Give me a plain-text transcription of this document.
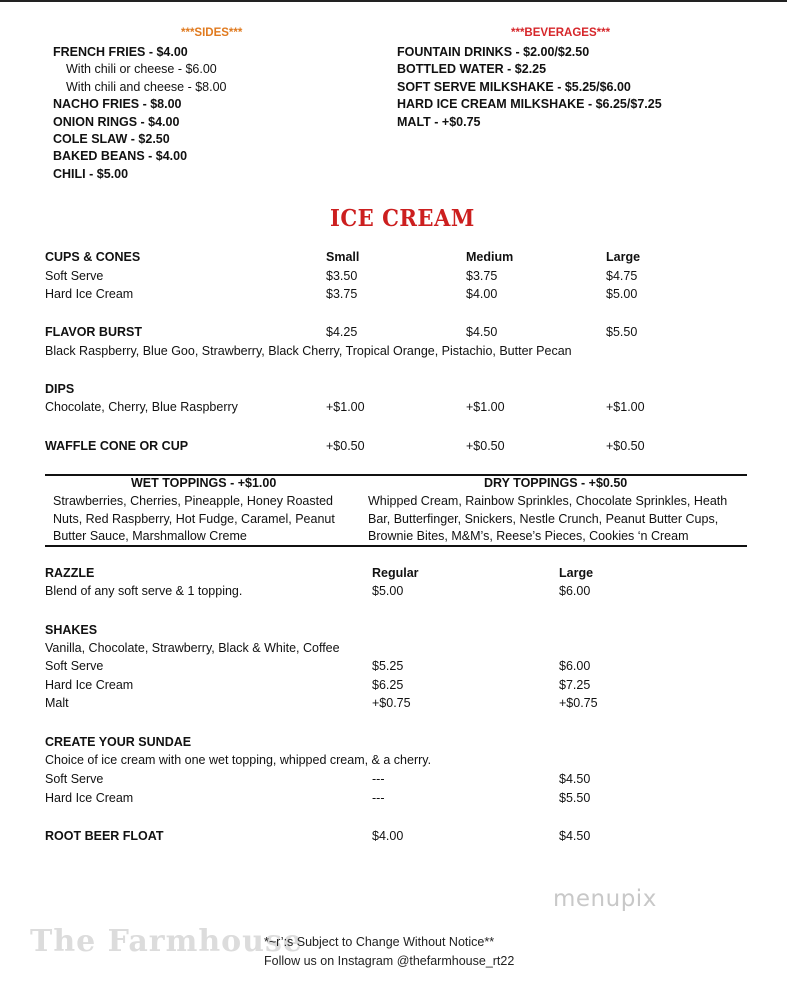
***SIDES***
FRENCH FRIES - $4.00
With chili or cheese - $6.00
With chili and cheese - $8.00
NACHO FRIES - $8.00
ONION RINGS - $4.00
COLE SLAW - $2.50
BAKED BEANS - $4.00
CHILI - $5.00
***BEVERAGES***
FOUNTAIN DRINKS - $2.00/$2.50
BOTTLED WATER - $2.25
SOFT SERVE MILKSHAKE - $5.25/$6.00
HARD ICE CREAM MILKSHAKE - $6.25/$7.25
MALT - +$0.75
ICE CREAM
CUPS & CONES	Small	Medium	Large
Soft Serve	$3.50	$3.75	$4.75
Hard Ice Cream	$3.75	$4.00	$5.00
FLAVOR BURST	$4.25	$4.50	$5.50
Black Raspberry, Blue Goo, Strawberry, Black Cherry, Tropical Orange, Pistachio, Butter Pecan
DIPS
Chocolate, Cherry, Blue Raspberry	+$1.00	+$1.00	+$1.00
WAFFLE CONE OR CUP	+$0.50	+$0.50	+$0.50
WET TOPPINGS - +$1.00	DRY TOPPINGS - +$0.50
Strawberries, Cherries, Pineapple, Honey Roasted
Nuts, Red Raspberry, Hot Fudge, Caramel, Peanut
Butter Sauce, Marshmallow Creme
Whipped Cream, Rainbow Sprinkles, Chocolate Sprinkles, Heath
Bar, Butterfinger, Snickers, Nestle Crunch, Peanut Butter Cups,
Brownie Bites, M&M’s, Reese’s Pieces, Cookies ‘n Cream
RAZZLE	Regular	Large
Blend of any soft serve & 1 topping.	$5.00	$6.00
SHAKES
Vanilla, Chocolate, Strawberry, Black & White, Coffee
Soft Serve	$5.25	$6.00
Hard Ice Cream	$6.25	$7.25
Malt	+$0.75	+$0.75
CREATE YOUR SUNDAE
Choice of ice cream with one wet topping, whipped cream, & a cherry.
Soft Serve	---	$4.50
Hard Ice Cream	---	$5.50
ROOT BEER FLOAT	$4.00	$4.50
menupix
The Farmhouse
*~r’:s Subject to Change Without Notice**
Follow us on Instagram @thefarmhouse_rt22
